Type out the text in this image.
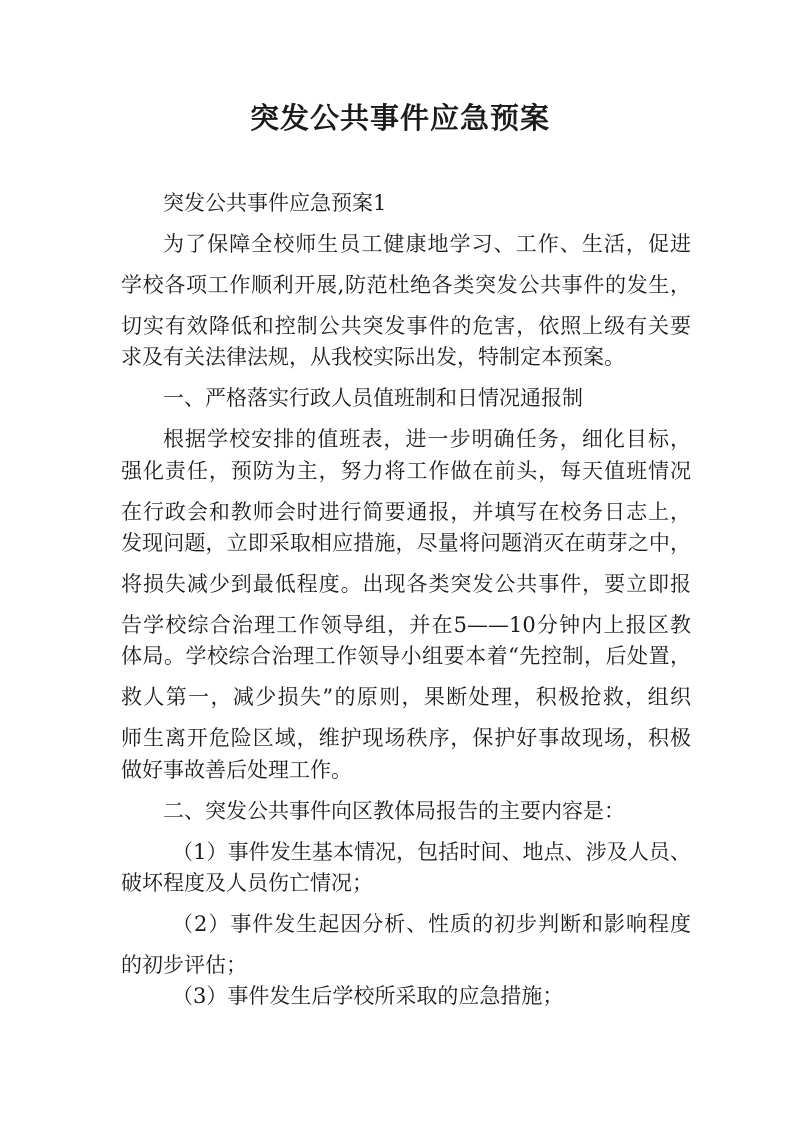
突发公共事件应急预案
突发公共事件应急预案1
为了保障全校师生员工健康地学习、工作、生活，促进
学校各项工作顺利开展,防范杜绝各类突发公共事件的发生，
切实有效降低和控制公共突发事件的危害，依照上级有关要
求及有关法律法规，从我校实际出发，特制定本预案。
一、严格落实行政人员值班制和日情况通报制
根据学校安排的值班表，进一步明确任务，细化目标，
强化责任，预防为主，努力将工作做在前头，每天值班情况
在行政会和教师会时进行简要通报，并填写在校务日志上，
发现问题，立即采取相应措施，尽量将问题消灭在萌芽之中，
将损失减少到最低程度。出现各类突发公共事件，要立即报
告学校综合治理工作领导组，并在5——10分钟内上报区教
体局。学校综合治理工作领导小组要本着“先控制，后处置，
救人第一，减少损失”的原则，果断处理，积极抢救，组织
师生离开危险区域，维护现场秩序，保护好事故现场，积极
做好事故善后处理工作。
二、突发公共事件向区教体局报告的主要内容是：
（1）事件发生基本情况，包括时间、地点、涉及人员、
破坏程度及人员伤亡情况；
（2）事件发生起因分析、性质的初步判断和影响程度
的初步评估；
（3）事件发生后学校所采取的应急措施；
